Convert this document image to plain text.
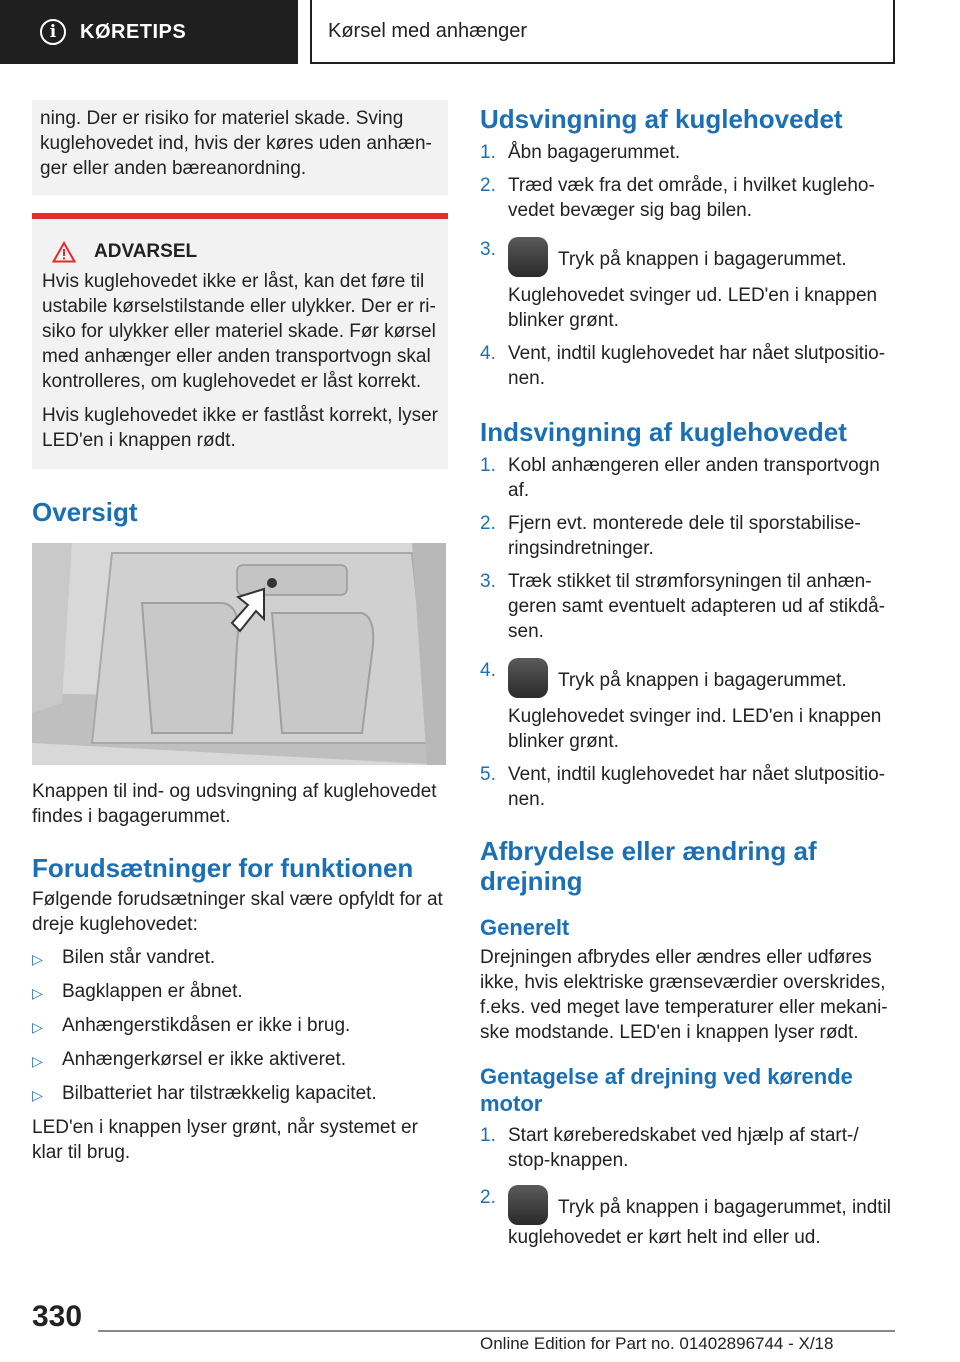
i	KØRETIPS	Kørsel med anhænger

ning. Der er risiko for materiel skade. Sving kuglehovedet ind, hvis der køres uden anhæn-ger eller anden bæreanordning.

ADVARSEL

Hvis kuglehovedet ikke er låst, kan det føre til ustabile kørselstilstande eller ulykker. Der er ri-siko for ulykker eller materiel skade. Før kørsel med anhænger eller anden transportvogn skal kontrolleres, om kuglehovedet er låst korrekt.

Hvis kuglehovedet ikke er fastlåst korrekt, lyser LED'en i knappen rødt.

Oversigt

Knappen til ind- og udsvingning af kuglehovedet findes i bagagerummet.

Forudsætninger for funktionen

Følgende forudsætninger skal være opfyldt for at dreje kuglehovedet:

▷	Bilen står vandret.
▷	Bagklappen er åbnet.
▷	Anhængerstikdåsen er ikke i brug.
▷	Anhængerkørsel er ikke aktiveret.
▷	Bilbatteriet har tilstrækkelig kapacitet.

LED'en i knappen lyser grønt, når systemet er klar til brug.

Udsvingning af kuglehovedet
1. Åbn bagagerummet.
2. Træd væk fra det område, i hvilket kugleho-vedet bevæger sig bag bilen.
3.	Tryk på knappen i bagagerummet.
Kuglehovedet svinger ud. LED'en i knappen blinker grønt.
4. Vent, indtil kuglehovedet har nået slutpositio-nen.
Indsvingning af kuglehovedet
1. Kobl anhængeren eller anden transportvogn af.
2. Fjern evt. monterede dele til sporstabilise-ringsindretninger.
3. Træk stikket til strømforsyningen til anhæn-geren samt eventuelt adapteren ud af stikdå-sen.
4.	Tryk på knappen i bagagerummet.
Kuglehovedet svinger ind. LED'en i knappen blinker grønt.
5. Vent, indtil kuglehovedet har nået slutpositio-nen.
Afbrydelse eller ændring af drejning
Generelt

Drejningen afbrydes eller ændres eller udføres ikke, hvis elektriske grænseværdier overskrides, f.eks. ved meget lave temperaturer eller mekani-ske modstande. LED'en i knappen lyser rødt.

Gentagelse af drejning ved kørende motor
1. Start køreberedskabet ved hjælp af start-/ stop-knappen.
2.	Tryk på knappen i bagagerummet, indtil kuglehovedet er kørt helt ind eller ud.
330
Online Edition for Part no. 01402896744 - X/18
